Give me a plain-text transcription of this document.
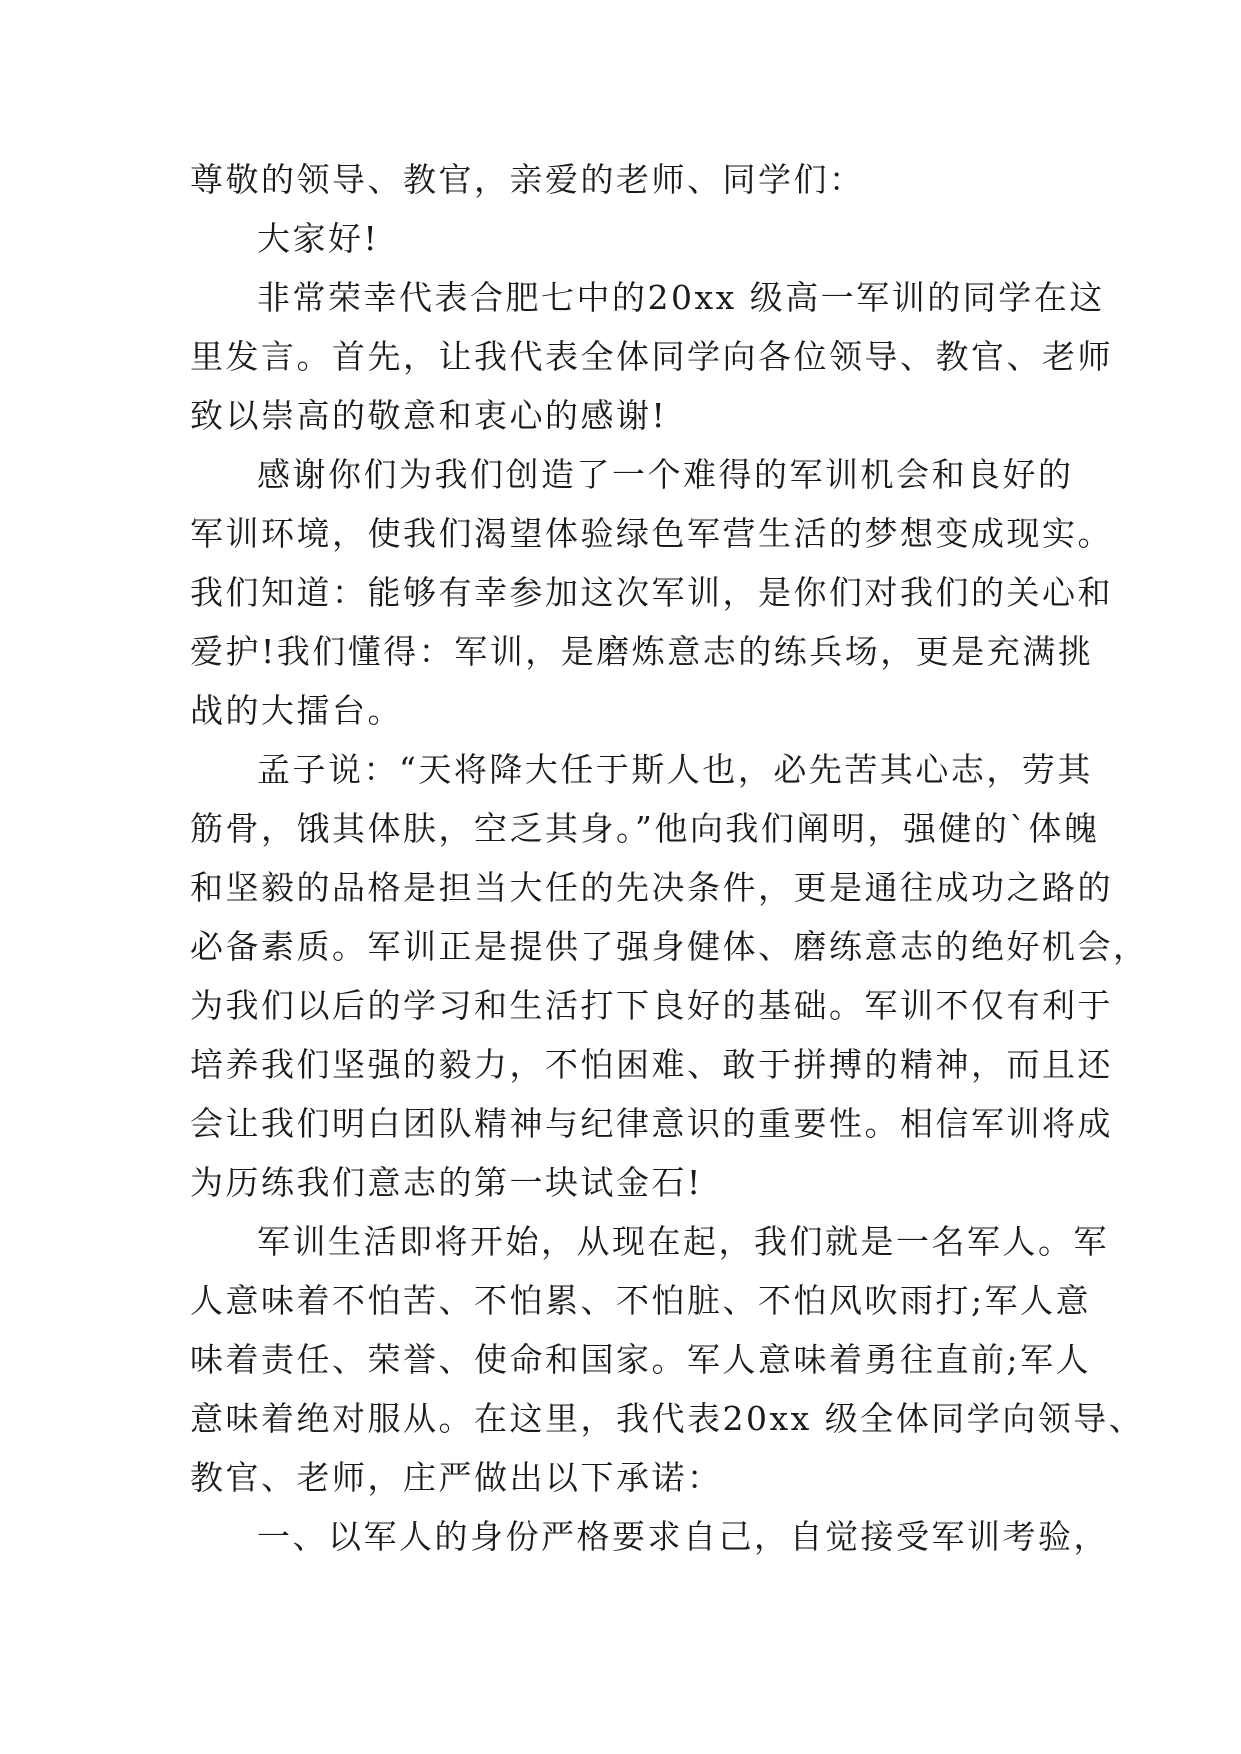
尊敬的领导、教官，亲爱的老师、同学们：
大家好!
非常荣幸代表合肥七中的20xx 级高一军训的同学在这
里发言。首先，让我代表全体同学向各位领导、教官、老师
致以崇高的敬意和衷心的感谢!
感谢你们为我们创造了一个难得的军训机会和良好的
军训环境，使我们渴望体验绿色军营生活的梦想变成现实。
我们知道：能够有幸参加这次军训，是你们对我们的关心和
爱护!我们懂得：军训，是磨炼意志的练兵场，更是充满挑
战的大擂台。
孟子说：“天将降大任于斯人也，必先苦其心志，劳其
筋骨，饿其体肤，空乏其身。”他向我们阐明，强健的`体魄
和坚毅的品格是担当大任的先决条件，更是通往成功之路的
必备素质。军训正是提供了强身健体、磨练意志的绝好机会，
为我们以后的学习和生活打下良好的基础。军训不仅有利于
培养我们坚强的毅力，不怕困难、敢于拼搏的精神，而且还
会让我们明白团队精神与纪律意识的重要性。相信军训将成
为历练我们意志的第一块试金石!
军训生活即将开始，从现在起，我们就是一名军人。军
人意味着不怕苦、不怕累、不怕脏、不怕风吹雨打;军人意
味着责任、荣誉、使命和国家。军人意味着勇往直前;军人
意味着绝对服从。在这里，我代表20xx 级全体同学向领导、
教官、老师，庄严做出以下承诺：
一、以军人的身份严格要求自己，自觉接受军训考验，
